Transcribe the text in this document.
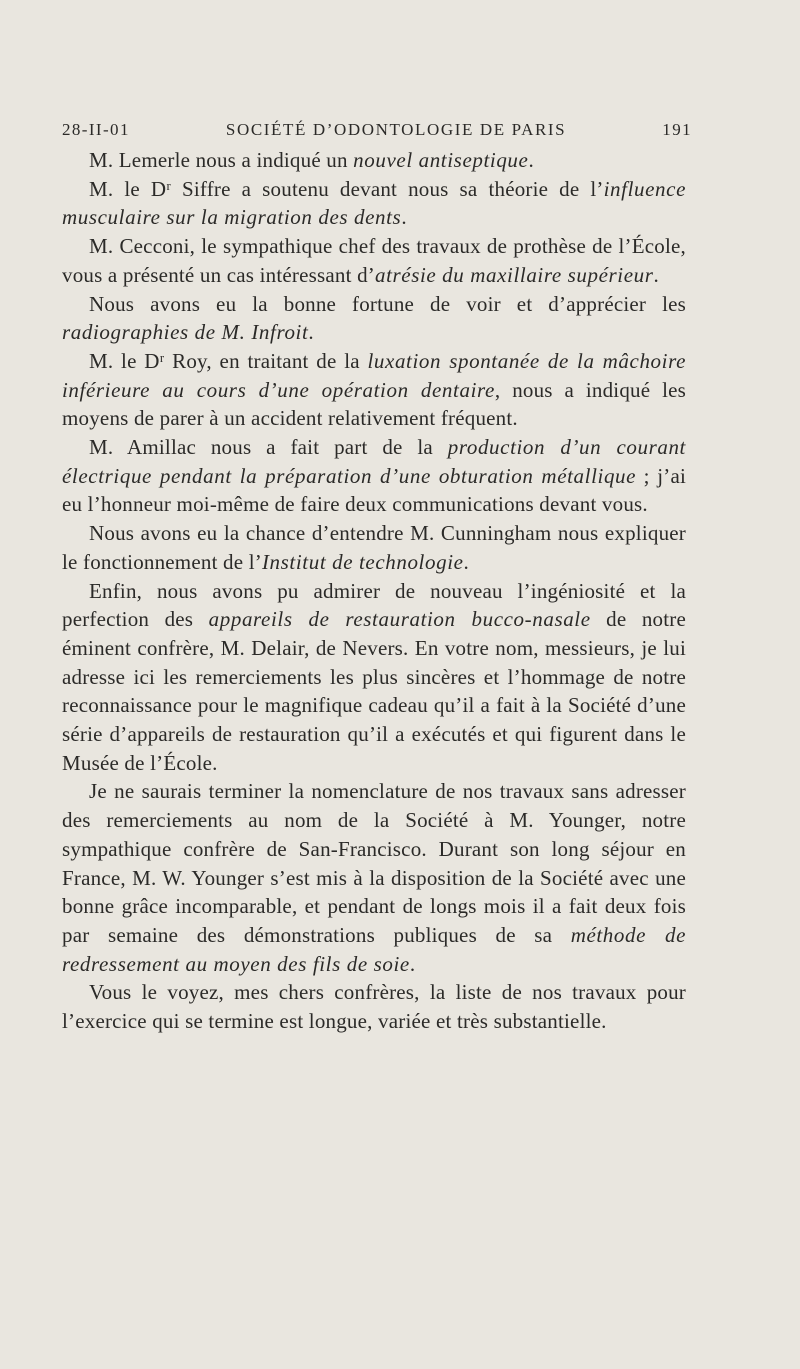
28-II-01	SOCIÉTÉ D’ODONTOLOGIE DE PARIS	191

M. Lemerle nous a indiqué un nouvel antiseptique.

M. le Dʳ Siffre a soutenu devant nous sa théorie de l’influence musculaire sur la migration des dents.

M. Cecconi, le sympathique chef des travaux de prothèse de l’École, vous a présenté un cas intéressant d’atrésie du maxillaire supérieur.

Nous avons eu la bonne fortune de voir et d’apprécier les radiographies de M. Infroit.

M. le Dʳ Roy, en traitant de la luxation spontanée de la mâchoire inférieure au cours d’une opération dentaire, nous a indiqué les moyens de parer à un accident relativement fréquent.

M. Amillac nous a fait part de la production d’un courant électrique pendant la préparation d’une obturation métallique ; j’ai eu l’honneur moi-même de faire deux communications devant vous.

Nous avons eu la chance d’entendre M. Cunningham nous expliquer le fonctionnement de l’Institut de technologie.

Enfin, nous avons pu admirer de nouveau l’ingéniosité et la perfection des appareils de restauration bucco-nasale de notre éminent confrère, M. Delair, de Nevers. En votre nom, messieurs, je lui adresse ici les remerciements les plus sincères et l’hommage de notre reconnaissance pour le magnifique cadeau qu’il a fait à la Société d’une série d’appareils de restauration qu’il a exécutés et qui figurent dans le Musée de l’École.

Je ne saurais terminer la nomenclature de nos travaux sans adresser des remerciements au nom de la Société à M. Younger, notre sympathique confrère de San-Francisco. Durant son long séjour en France, M. W. Younger s’est mis à la disposition de la Société avec une bonne grâce incomparable, et pendant de longs mois il a fait deux fois par semaine des démonstrations publiques de sa méthode de redressement au moyen des fils de soie.

Vous le voyez, mes chers confrères, la liste de nos travaux pour l’exercice qui se termine est longue, variée et très substantielle.
